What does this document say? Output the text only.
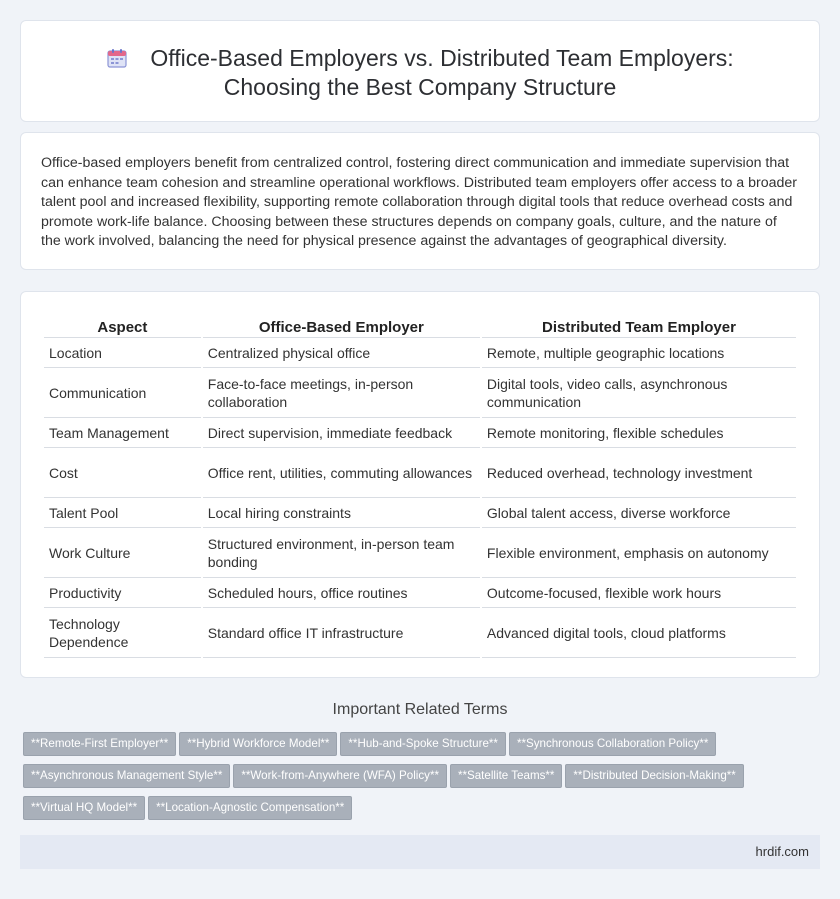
Office-Based Employers vs. Distributed Team Employers:
Choosing the Best Company Structure

Office-based employers benefit from centralized control, fostering direct communication and immediate supervision that can enhance team cohesion and streamline operational workflows. Distributed team employers offer access to a broader talent pool and increased flexibility, supporting remote collaboration through digital tools that reduce overhead costs and promote work-life balance. Choosing between these structures depends on company goals, culture, and the nature of the work involved, balancing the need for physical presence against the advantages of geographical diversity.

Aspect	Office-Based Employer	Distributed Team Employer
Location	Centralized physical office	Remote, multiple geographic locations
Communication	Face-to-face meetings, in-person collaboration	Digital tools, video calls, asynchronous communication
Team Management	Direct supervision, immediate feedback	Remote monitoring, flexible schedules
Cost	Office rent, utilities, commuting allowances	Reduced overhead, technology investment
Talent Pool	Local hiring constraints	Global talent access, diverse workforce
Work Culture	Structured environment, in-person team bonding	Flexible environment, emphasis on autonomy
Productivity	Scheduled hours, office routines	Outcome-focused, flexible work hours
Technology Dependence	Standard office IT infrastructure	Advanced digital tools, cloud platforms
Important Related Terms
**Remote-First Employer** **Hybrid Workforce Model** **Hub-and-Spoke Structure** **Synchronous Collaboration Policy****Asynchronous Management Style** **Work-from-Anywhere (WFA) Policy** **Satellite Teams** **Distributed Decision-Making****Virtual HQ Model** **Location-Agnostic Compensation**
hrdif.com
